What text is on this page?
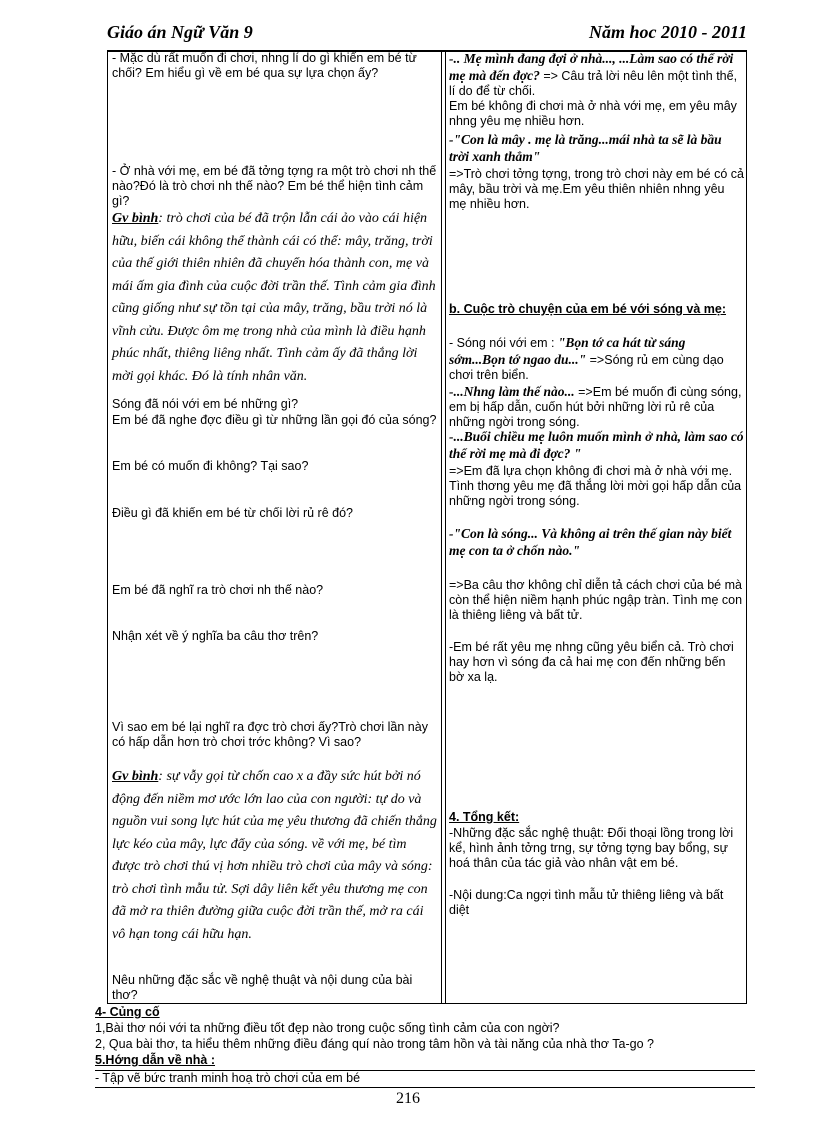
Giáo án Ngữ Văn 9	Năm hoc 2010 - 2011

- Mặc dù rất muốn đi chơi, nhng lí do gì khiến em bé từ chối? Em hiểu gì về em bé qua sự lựa chọn ấy?

- Ở nhà với mẹ, em bé đã tởng tợng ra một trò chơi nh thế nào?Đó là trò chơi nh thế nào? Em bé thể hiện tình cảm gì?

Gv bình: trò chơi của bé đã trộn lẫn cái ảo vào cái hiện hữu, biến cái không thể thành cái có thể: mây, trăng, trời của thế giới thiên nhiên đã chuyển hóa thành con, mẹ và mái ấm gia đình của cuộc đời trần thế. Tình cảm gia đình cũng giống như sự tồn tại của mây, trăng, bầu trời nó là vĩnh cửu. Được ôm mẹ trong nhà của mình là điều hạnh phúc nhất, thiêng liêng nhất. Tình cảm ấy đã thắng lời mời gọi khác. Đó là tính nhân văn.

Sóng đã nói với em bé những gì?

Em bé đã nghe đợc điều gì từ những lần gọi đó của sóng?

Em bé có muốn đi không? Tại sao?

Điều gì đã khiến em bé từ chối lời rủ rê đó?

Em bé đã nghĩ ra trò chơi nh thế nào?

Nhận xét về ý nghĩa ba câu thơ trên?

Vì sao em bé lại nghĩ ra đợc trò chơi ấy?Trò chơi lần này có hấp dẫn hơn trò chơi trớc không? Vì sao?

Gv bình: sự vẫy gọi từ chốn cao x a đầy sức hút bởi nó động đến niềm mơ ước lớn lao của con người: tự do và nguồn vui song lực hút của mẹ yêu thương đã chiến thắng lực kéo của mây, lực đẩy của sóng. về với mẹ, bé tìm được trò chơi thú vị hơn nhiều trò chơi của mây và sóng: trò chơi tình mẫu tử. Sợi dây liên kết yêu thương mẹ con đã mở ra thiên đường giữa cuộc đời trần thế, mở ra cái vô hạn tong cái hữu hạn.

Nêu những đặc sắc về nghệ thuật và nội dung của bài thơ?

-.. Mẹ mình đang đợi ở nhà..., ...Làm sao có thể rời mẹ mà đến đợc? => Câu trả lời nêu lên một tình thế, lí do để từ chối.

Em bé không đi chơi mà ở nhà với mẹ, em yêu mây nhng yêu mẹ nhiều hơn.

-"Con là mây . mẹ là trăng...mái nhà ta sẽ là bầu trời xanh thẳm"

=>Trò chơi tởng tợng, trong trò chơi này em bé có cả mây, bầu trời và mẹ.Em yêu thiên nhiên nhng yêu mẹ nhiều hơn.

b. Cuộc trò chuyện của em bé với sóng và mẹ:

- Sóng nói với em : "Bọn tớ ca hát từ sáng sớm...Bọn tớ ngao du..." =>Sóng rủ em cùng dạo chơi trên biển.

-...Nhng làm thế nào... =>Em bé muốn đi cùng sóng, em bị hấp dẫn, cuốn hút bởi những lời rủ rê của những ngời trong sóng.

-...Buổi chiều mẹ luôn muốn mình ở nhà, làm sao có thể rời mẹ mà đi đợc? "

=>Em đã lựa chọn không đi chơi mà ở nhà với mẹ. Tình thơng yêu mẹ đã thắng lời mời gọi hấp dẫn của những ngời trong sóng.

-"Con là sóng... Và không ai trên thế gian này biết mẹ con ta ở chốn nào."

=>Ba câu thơ không chỉ diễn tả cách chơi của bé mà còn thể hiện niềm hạnh phúc ngập tràn. Tình mẹ con là thiêng liêng và bất tử.

-Em bé rất yêu mẹ nhng cũng yêu biển cả. Trò chơi hay hơn vì sóng đa cả hai mẹ con đến những bến bờ xa lạ.

4. Tổng kết:

-Những đặc sắc nghệ thuật: Đối thoại lồng trong lời kể, hình ảnh tởng trng, sự tởng tợng bay bổng, sự hoá thân của tác giả vào nhân vật em bé.

-Nội dung:Ca ngợi tình mẫu tử thiêng liêng và bất diệt

4- Củng cố
1,Bài thơ nói với ta những điều tốt đẹp nào trong cuộc sống tình cảm của con ngời?
2, Qua bài thơ, ta hiểu thêm những điều đáng quí nào trong tâm hồn và tài năng của nhà thơ Ta-go ?
5.Hớng dẫn về nhà :
- Tập vẽ bức tranh minh hoạ trò chơi của em bé
216
